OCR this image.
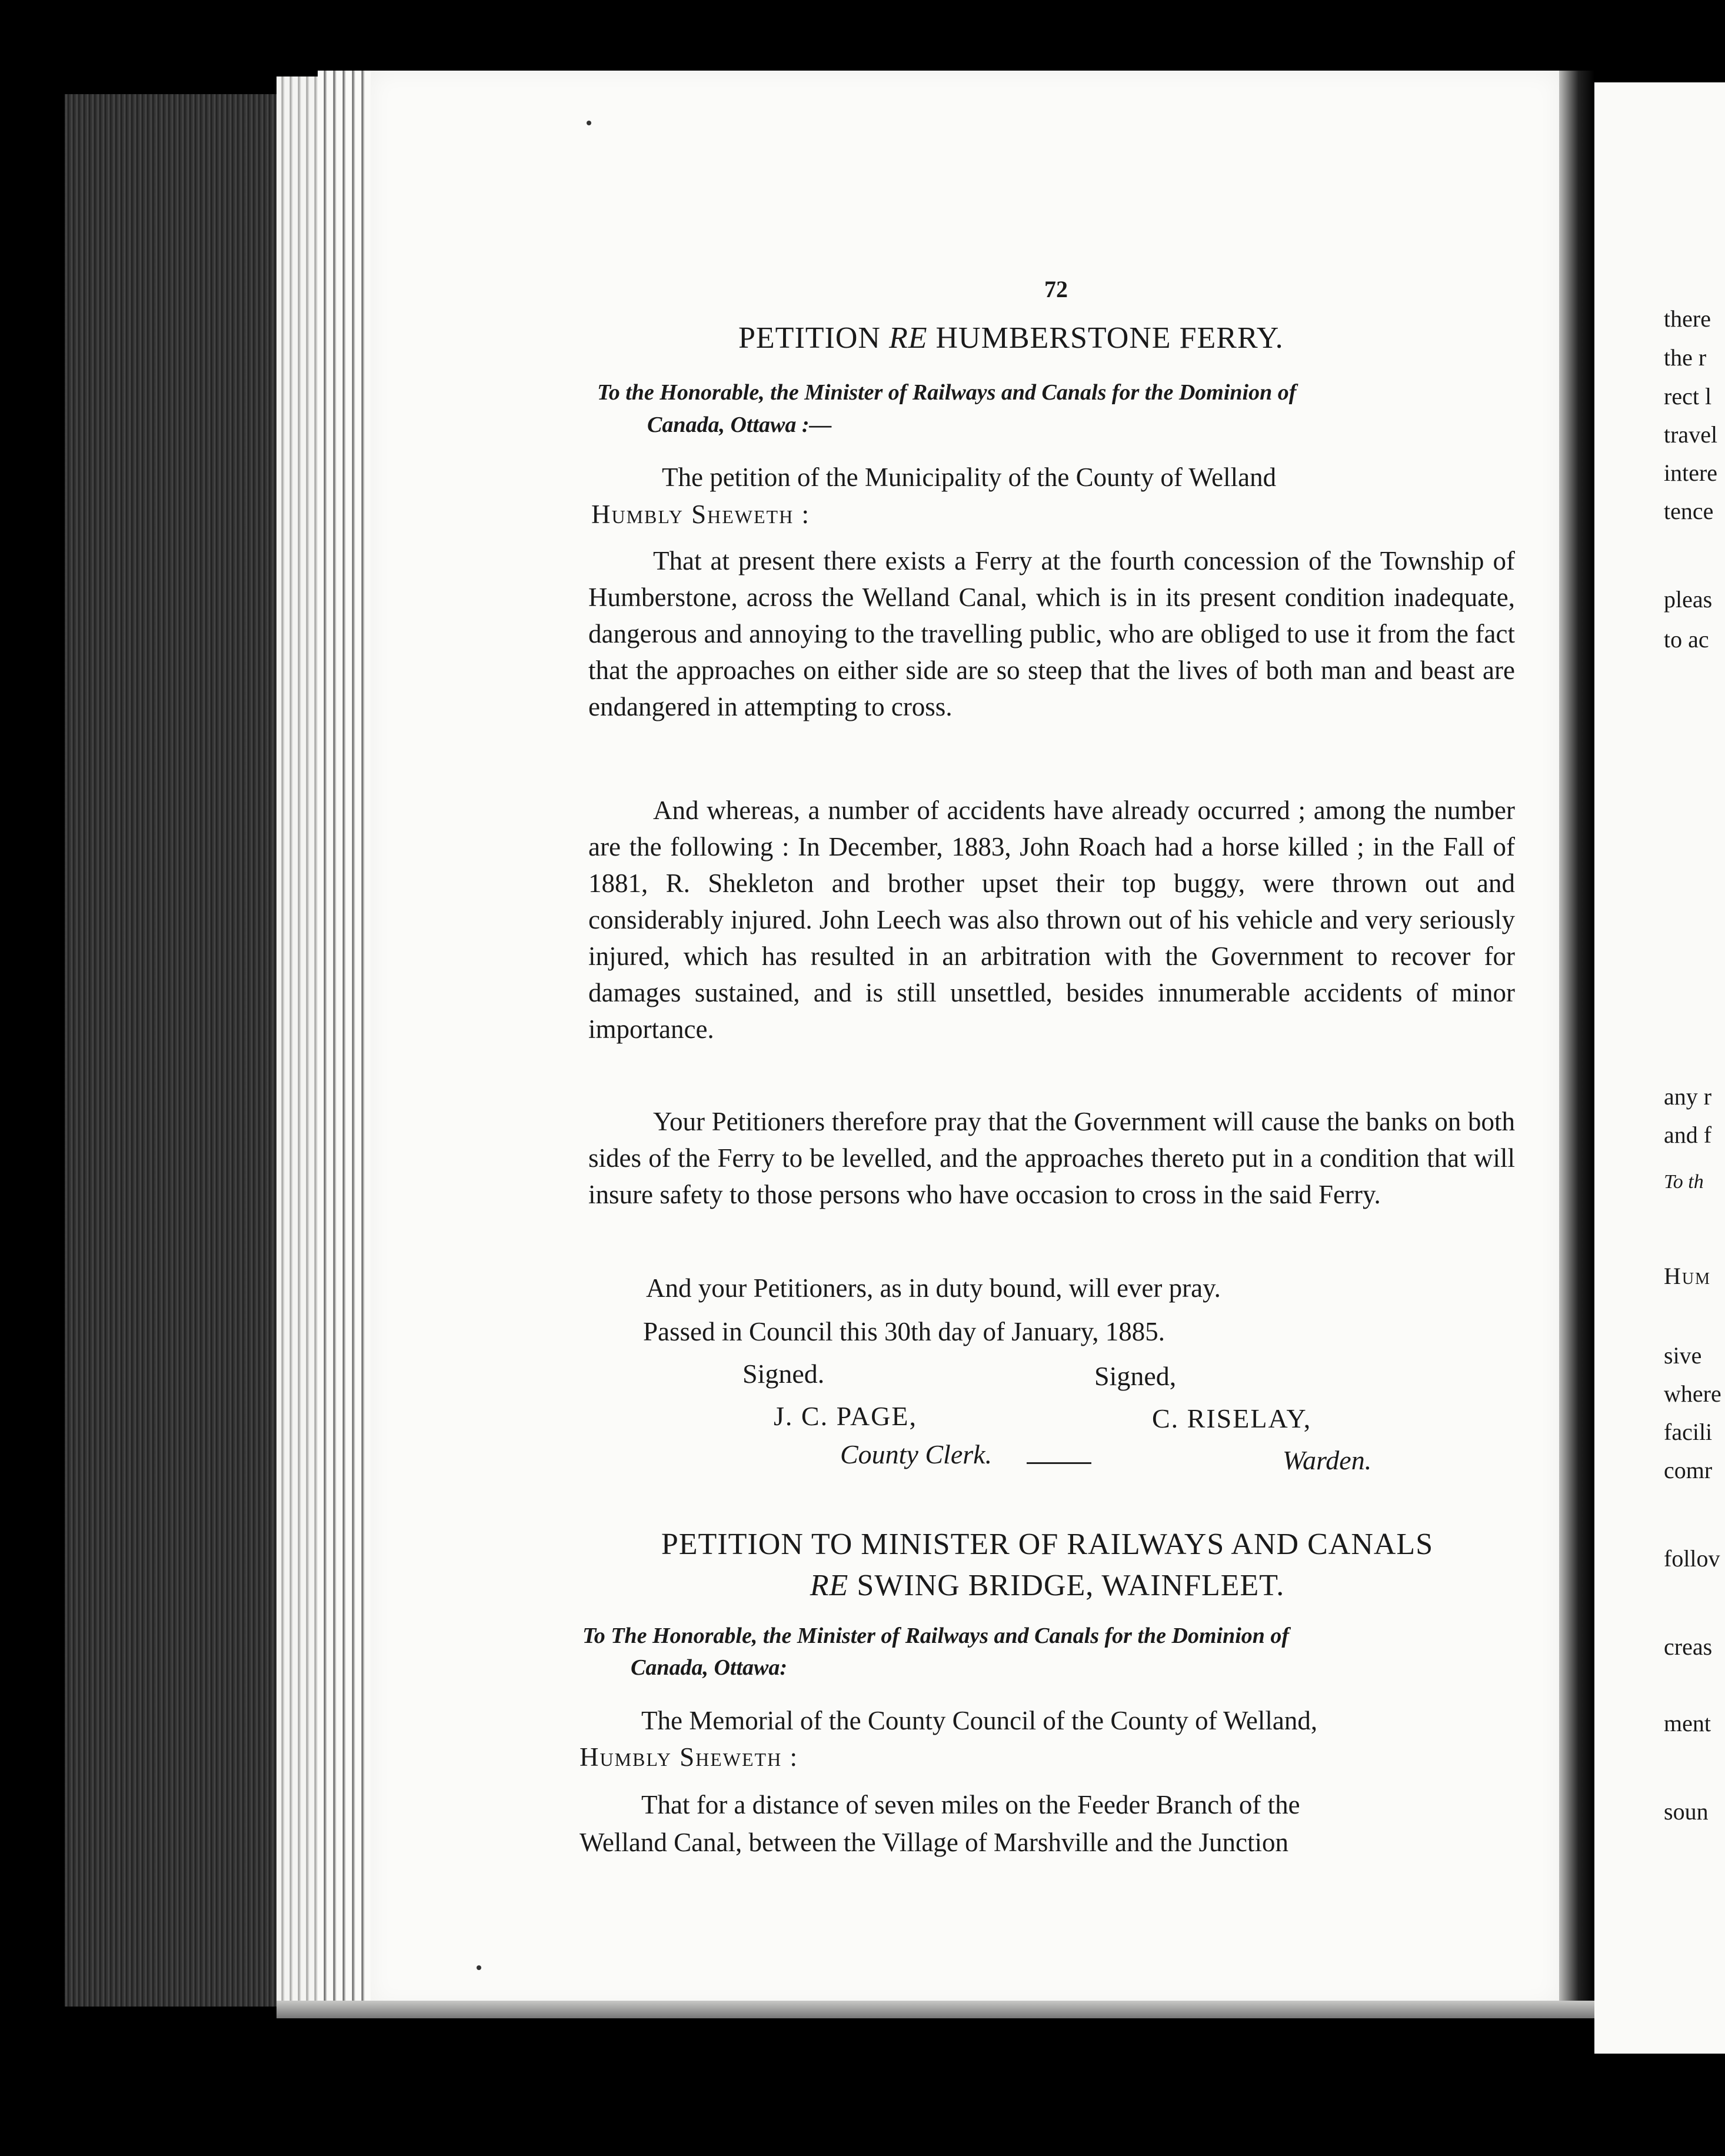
72
PETITION RE HUMBERSTONE FERRY.
To the Honorable, the Minister of Railways and Canals for the Dominion of
Canada, Ottawa :—
The petition of the Municipality of the County of Welland
Humbly Sheweth :
That at present there exists a Ferry at the fourth concession of the Township of Humberstone, across the Welland Canal, which is in its present condition inadequate, dangerous and annoying to the travelling public, who are obliged to use it from the fact that the approaches on either side are so steep that the lives of both man and beast are endangered in attempting to cross.
And whereas, a number of accidents have already occurred ; among the number are the following : In December, 1883, John Roach had a horse killed ; in the Fall of 1881, R. Shekleton and brother upset their top buggy, were thrown out and considerably injured. John Leech was also thrown out of his vehicle and very seriously injured, which has resulted in an arbitration with the Government to recover for damages sustained, and is still unsettled, besides innumerable accidents of minor importance.
Your Petitioners therefore pray that the Government will cause the banks on both sides of the Ferry to be levelled, and the approaches thereto put in a condition that will insure safety to those persons who have occasion to cross in the said Ferry.
And your Petitioners, as in duty bound, will ever pray.
Passed in Council this 30th day of January, 1885.
Signed.	Signed,
J. C. PAGE,	C. RISELAY,
County Clerk.	Warden.
PETITION TO MINISTER OF RAILWAYS AND CANALS
RE SWING BRIDGE, WAINFLEET.
To The Honorable, the Minister of Railways and Canals for the Dominion of
Canada, Ottawa:
The Memorial of the County Council of the County of Welland,
Humbly Sheweth :
That for a distance of seven miles on the Feeder Branch of the
Welland Canal, between the Village of Marshville and the Junction
there
the r
rect l
travel
intere
tence
pleas
to ac
any r
and f
To th
Hum
sive
where
facili
comr
follov
creas
ment
soun
